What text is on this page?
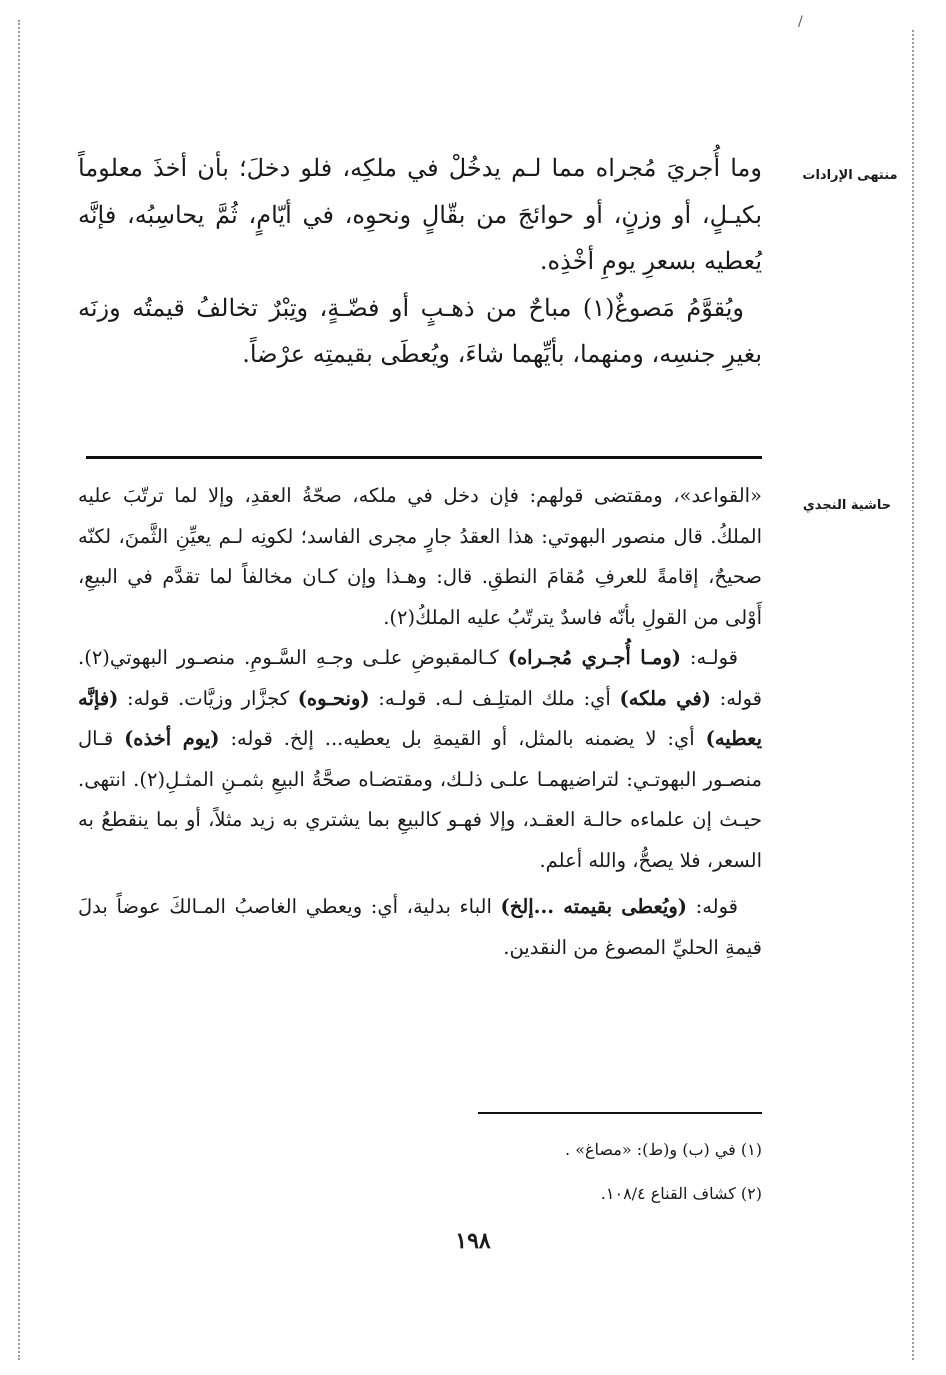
/
منتهى الإرادات

وما أُجريَ مُجراه مما لـم يدخُلْ في ملكِه، فلو دخلَ؛ بأن أخذَ معلوماً بكيـلٍ، أو وزنٍ، أو حوائجَ من بقّالٍ ونحوِه، في أيّامٍ، ثُمَّ يحاسِبُه، فإنَّه يُعطيه بسعرِ يومِ أخْذِه.

ويُقوَّمُ مَصوغٌ(١) مباحٌ من ذهـبٍ أو فضّـةٍ، وتِبْرٌ تخالفُ قيمتُه وزنَه بغيرِ جنسِه، ومنهما، بأيِّهما شاءَ، ويُعطَى بقيمتِه عرْضاً.

حاشية النجدي

«القواعد»، ومقتضى قولهم: فإن دخل في ملكه، صحّةُ العقدِ، وإلا لما ترتّبَ عليه الملكُ. قال منصور البهوتي: هذا العقدُ جارٍ مجرى الفاسد؛ لكونِه لـم يعيِّنِ الثَّمنَ، لكنّه صحيحٌ، إقامةً للعرفِ مُقامَ النطقِ. قال: وهـذا وإن كـان مخالفاً لما تقدَّم في البيعِ، أَوْلى من القولِ بأنّه فاسدٌ يترتّبُ عليه الملكُ(٢).

قولـه: (ومـا أُجـري مُجـراه) كـالمقبوضِ علـى وجـهِ السَّـومِ. منصـور البهوتي(٢). قوله: (في ملكه) أي: ملك المتلِـف لـه. قولـه: (ونحـوه) كجزَّار وزيَّات. قوله: (فإنَّه يعطيه) أي: لا يضمنه بالمثل، أو القيمةِ بل يعطيه... إلخ. قوله: (يوم أخذه) قـال منصـور البهوتـي: لتراضيهمـا علـى ذلـك، ومقتضـاه صحَّةُ البيعِ بثمـنِ المثـلِ(٢). انتهى. حيـث إن علماءه حالـة العقـد، وإلا فهـو كالبيعِ بما يشتري به زيد مثلاً، أو بما ينقطعُ به السعر، فلا يصحُّ، والله أعلم.

قوله: (ويُعطى بقيمته ...إلخ) الباء بدلية، أي: ويعطي الغاصبُ المـالكَ عوضاً بدلَ قيمةِ الحليِّ المصوغ من النقدين.

(١) في (ب) و(ط): «مصاغ» .

(٢) كشاف القناع ١٠٨/٤.

١٩٨
